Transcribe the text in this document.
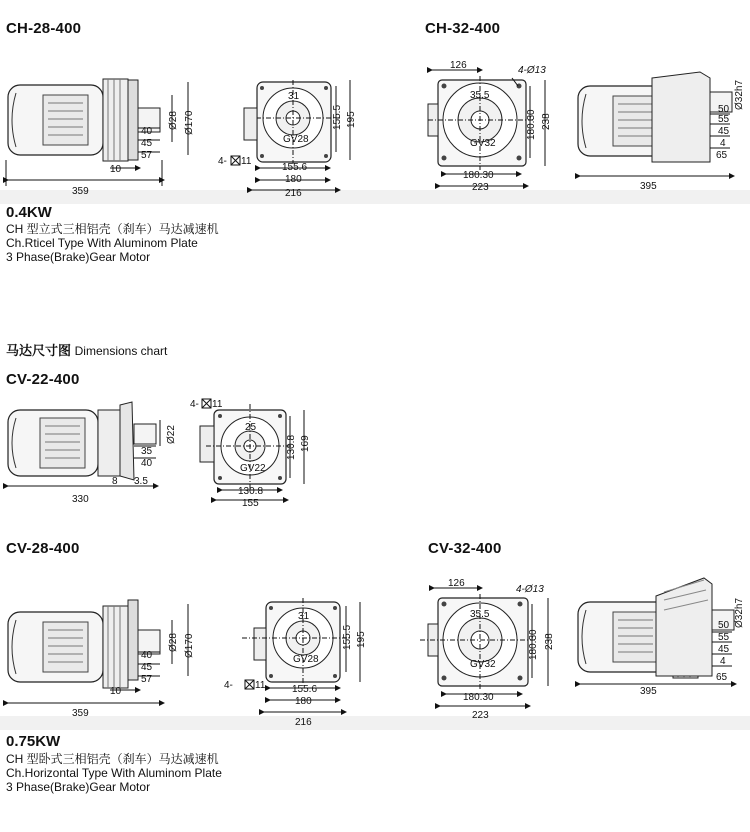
CH-28-400	CH-32-400
CV-22-400
CV-28-400	CV-32-400
0.4KW
CH 型立式三相铝壳（刹车）马达减速机
Ch.Rticel Type With Aluminom Plate
3 Phase(Brake)Gear Motor
马达尺寸图 Dimensions chart
0.75KW
CH 型卧式三相铝壳（刹车）马达减速机
Ch.Horizontal Type With Aluminom Plate
3 Phase(Brake)Gear Motor
359
10
40
45
57
Ø28 Ø170
31
GV28
155.6
180
216
155.5 195
4- 11
126	4-Ø13
35.5
GV32
180.30
223
180.30 238
395
50
55
45
4
65
Ø32h7
330
8 3.5
35
40
Ø22
4- 11
25
GV22
130.8
155
130.8 169
359
10
40
45
57
Ø28 Ø170
31
GV28
155.6
180
216
155.5 195
4- 11
126
4-Ø13
35.5
GV32
180.30
223
180.30 238
395
50
55
45
4
65
Ø32h7
